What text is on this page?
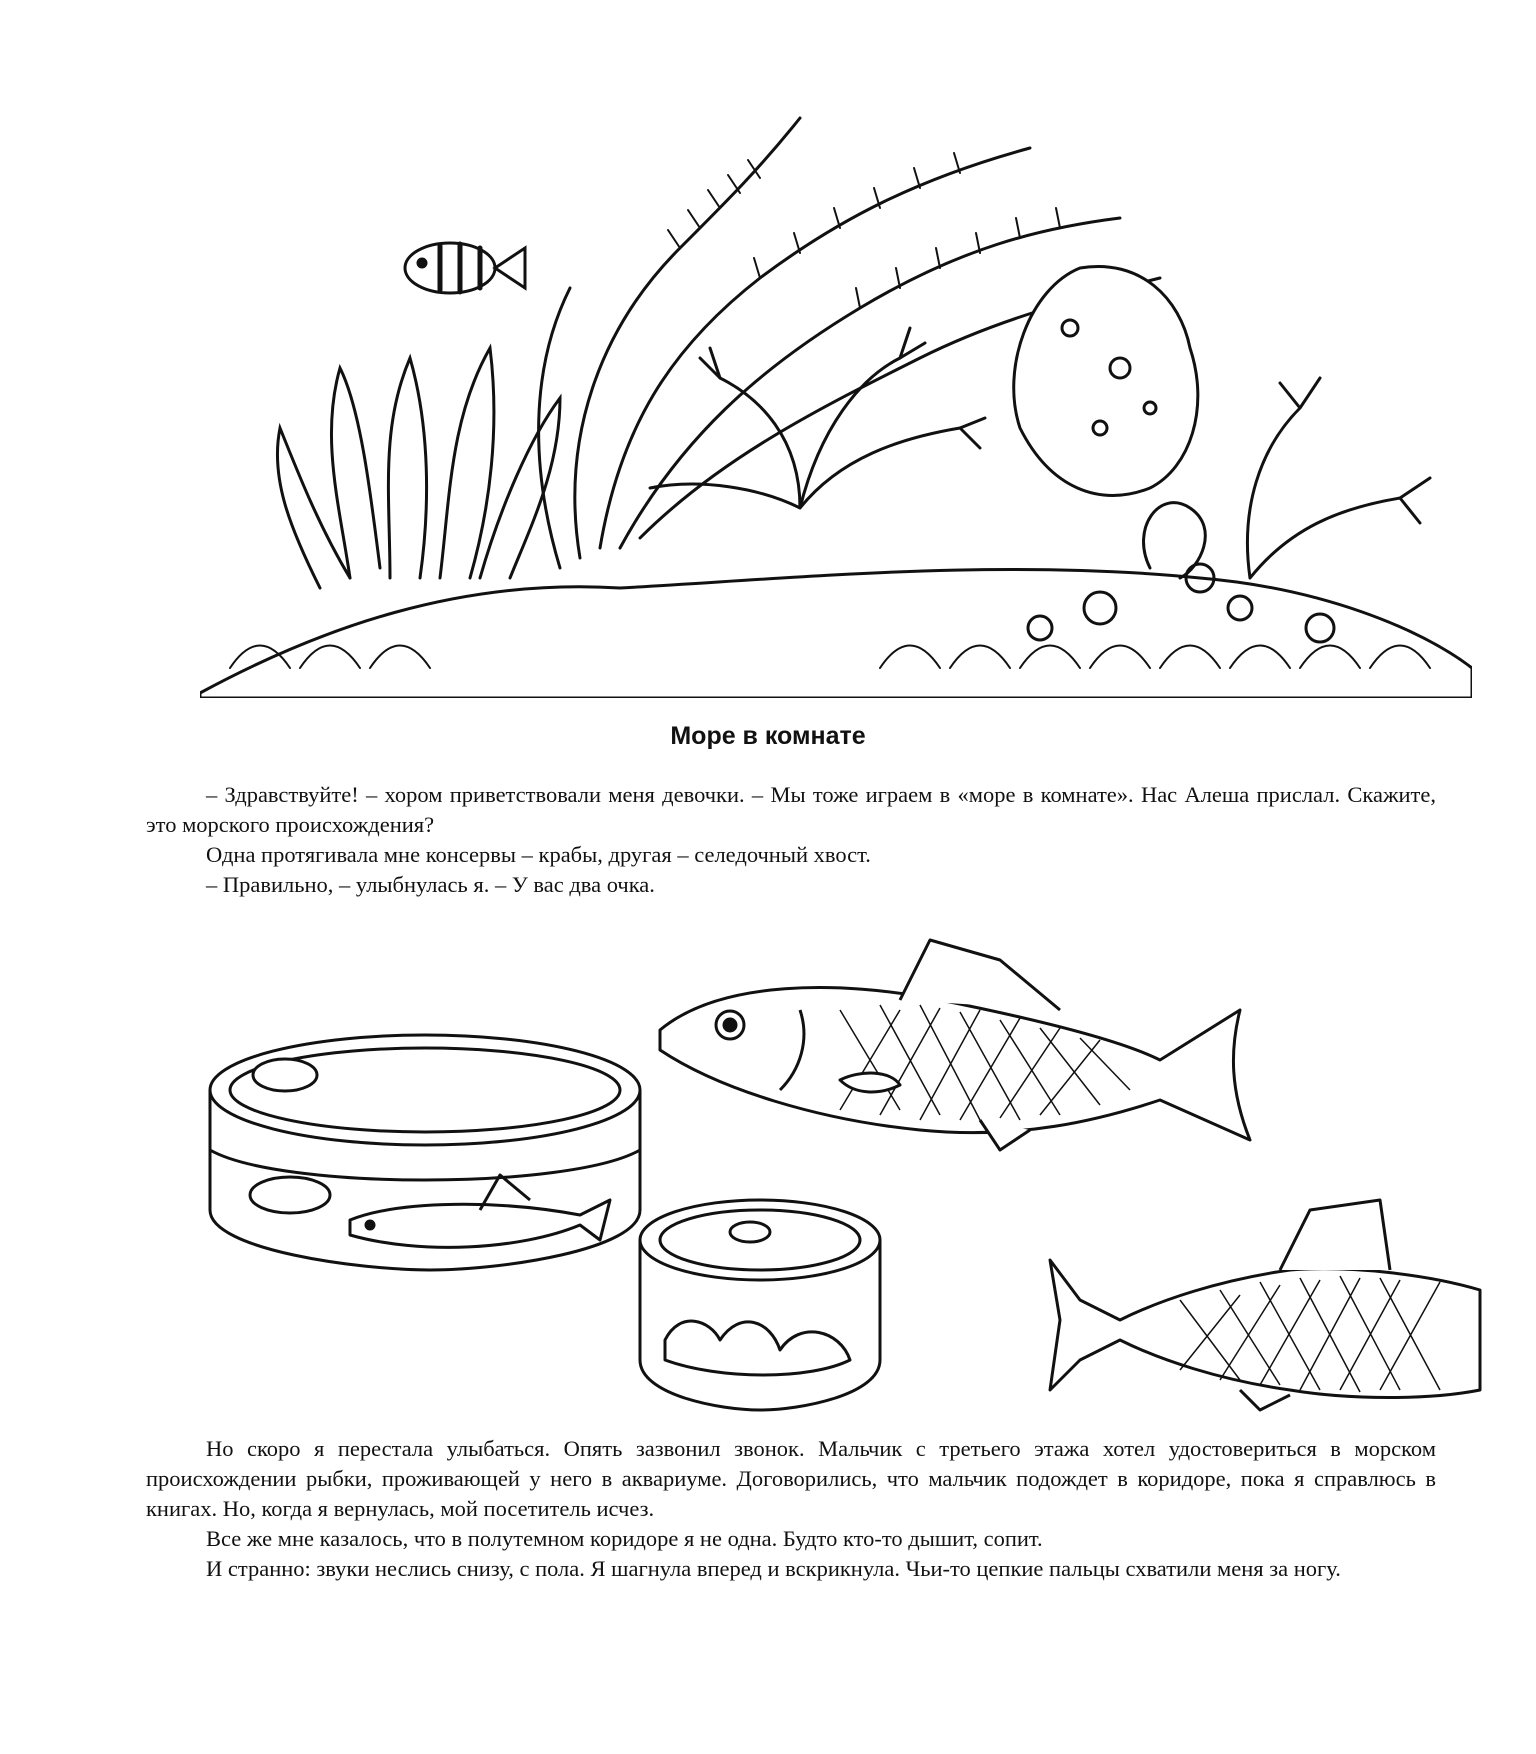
Море в комнате

– Здравствуйте! – хором приветствовали меня девочки. – Мы тоже играем в «море в комнате». Нас Алеша прислал. Скажите, это морского происхождения?

Одна протягивала мне консервы – крабы, другая – селедочный хвост.

– Правильно, – улыбнулась я. – У вас два очка.

Но скоро я перестала улыбаться. Опять зазвонил звонок. Мальчик с третьего этажа хотел удостовериться в морском происхождении рыбки, проживающей у него в аквариуме. Договорились, что мальчик подождет в коридоре, пока я справлюсь в книгах. Но, когда я вернулась, мой посетитель исчез.

Все же мне казалось, что в полутемном коридоре я не одна. Будто кто-то дышит, сопит.

И странно: звуки неслись снизу, с пола. Я шагнула вперед и вскрикнула. Чьи-то цепкие пальцы схватили меня за ногу.
